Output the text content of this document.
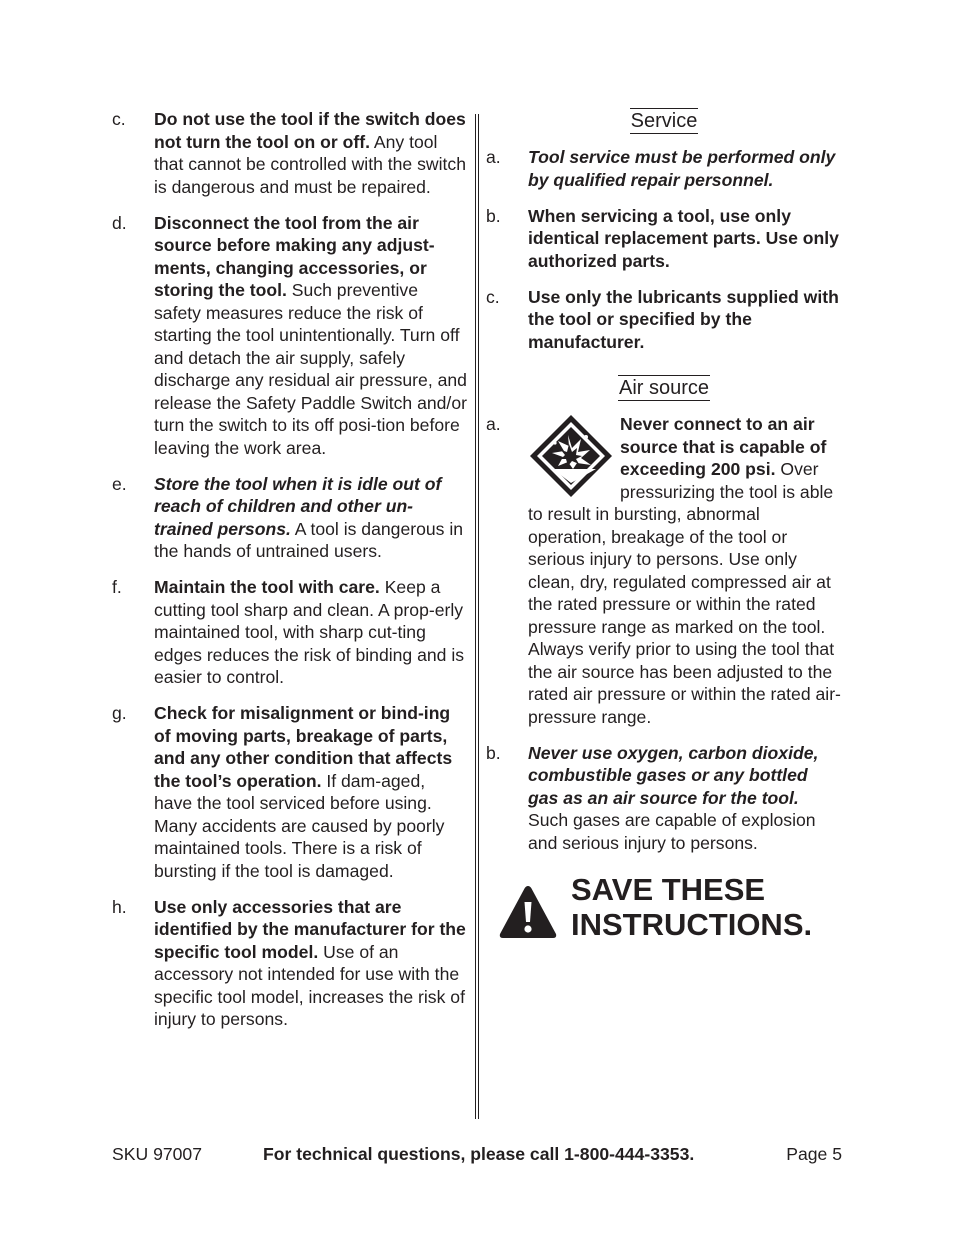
c. Do not use the tool if the switch does not turn the tool on or off. Any tool that cannot be controlled with the switch is dangerous and must be repaired.
d. Disconnect the tool from the air source before making any adjust-ments, changing accessories, or storing the tool. Such preventive safety measures reduce the risk of starting the tool unintentionally. Turn off and detach the air supply, safely discharge any residual air pressure, and release the Safety Paddle Switch and/or turn the switch to its off posi-tion before leaving the work area.
e. Store the tool when it is idle out of reach of children and other un-trained persons. A tool is dangerous in the hands of untrained users.
f. Maintain the tool with care. Keep a cutting tool sharp and clean. A prop-erly maintained tool, with sharp cut-ting edges reduces the risk of binding and is easier to control.
g. Check for misalignment or bind-ing of moving parts, breakage of parts, and any other condition that affects the tool’s operation. If dam-aged, have the tool serviced before using. Many accidents are caused by poorly maintained tools. There is a risk of bursting if the tool is damaged.
h. Use only accessories that are identified by the manufacturer for the specific tool model. Use of an accessory not intended for use with the specific tool model, increases the risk of injury to persons.
Service
a. Tool service must be performed only by qualified repair personnel.
b. When servicing a tool, use only identical replacement parts. Use only authorized parts.
c. Use only the lubricants supplied with the tool or specified by the manufacturer.
Air source
a.	Never connect to an air source that is capable of exceeding 200 psi. Over pressurizing the tool is able to result in bursting, abnormal operation, breakage of the tool or serious injury to persons. Use only clean, dry, regulated compressed air at the rated pressure or within the rated pressure range as marked on the tool. Always verify prior to using the tool that the air source has been adjusted to the rated air pressure or within the rated air-pressure range.
b. Never use oxygen, carbon dioxide, combustible gases or any bottled gas as an air source for the tool. Such gases are capable of explosion and serious injury to persons.
SAVE THESE
INSTRUCTIONS.
SKU 97007	For technical questions, please call 1-800-444-3353.	Page 5
